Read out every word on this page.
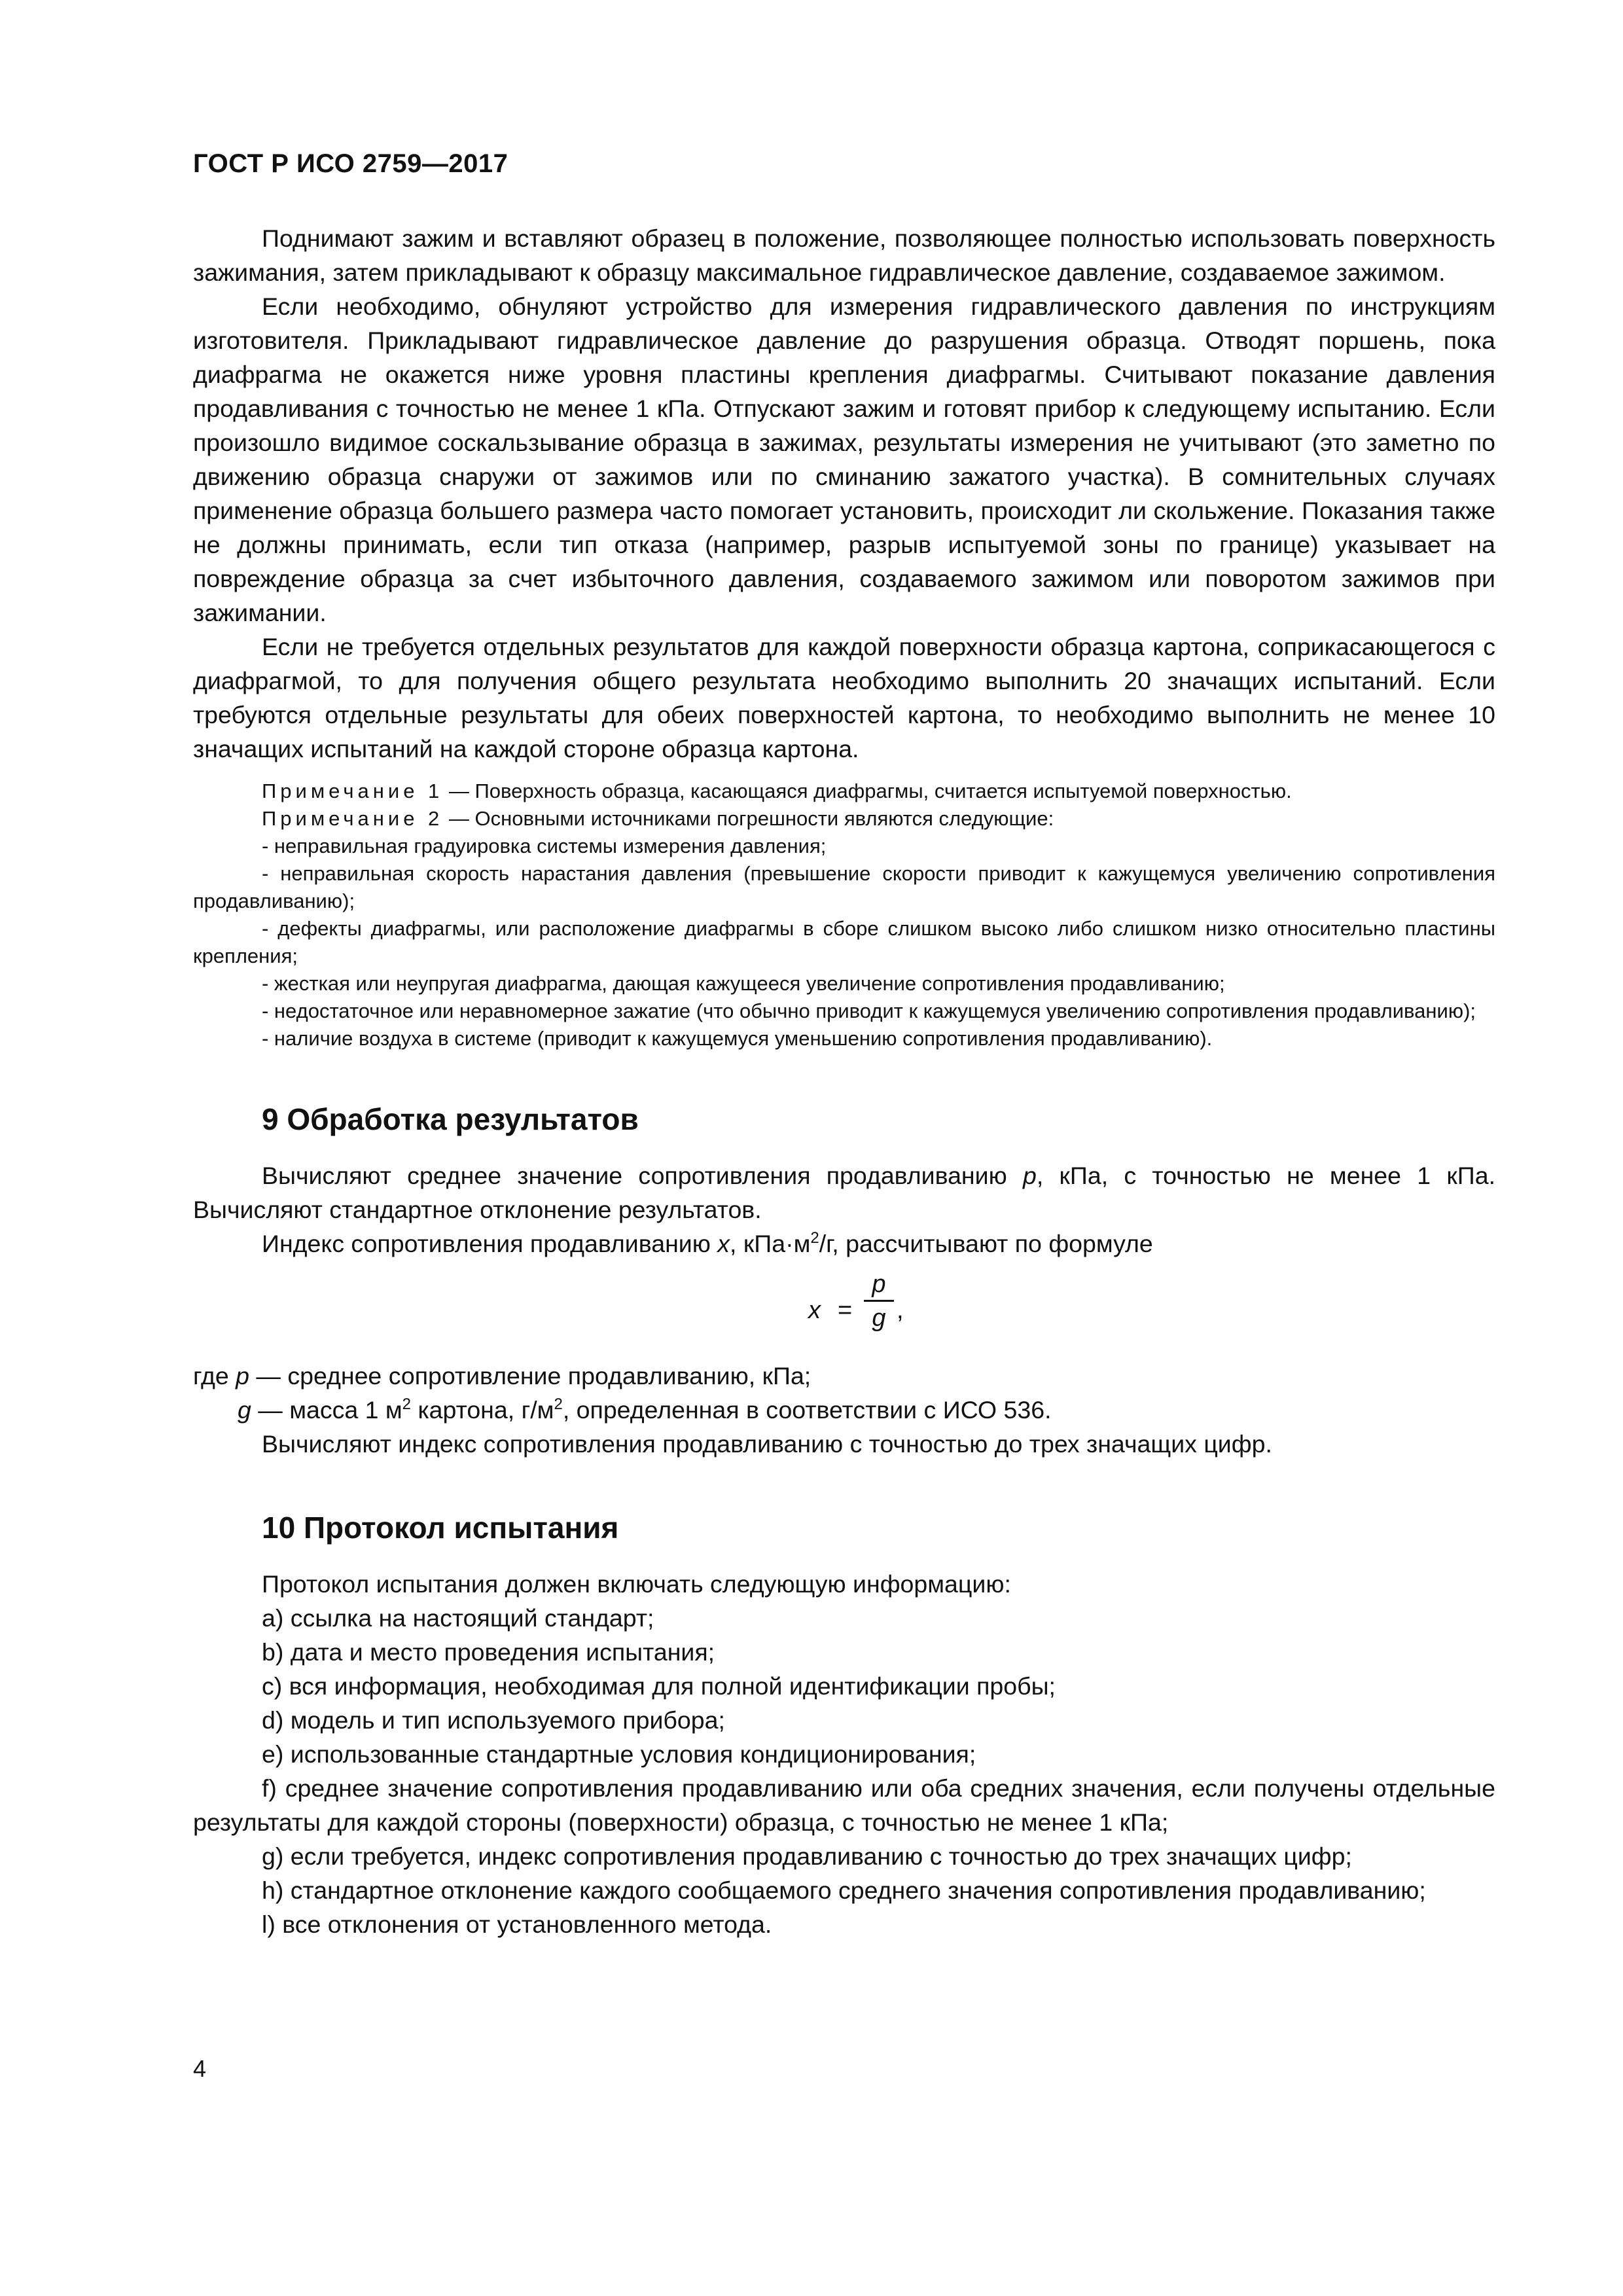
ГОСТ Р ИСО 2759—2017

Поднимают зажим и вставляют образец в положение, позволяющее полностью использовать поверхность зажимания, затем прикладывают к образцу максимальное гидравлическое давление, создаваемое зажимом.

Если необходимо, обнуляют устройство для измерения гидравлического давления по инструкциям изготовителя. Прикладывают гидравлическое давление до разрушения образца. Отводят поршень, пока диафрагма не окажется ниже уровня пластины крепления диафрагмы. Считывают показание давления продавливания с точностью не менее 1 кПа. Отпускают зажим и готовят прибор к следующему испытанию. Если произошло видимое соскальзывание образца в зажимах, результаты измерения не учитывают (это заметно по движению образца снаружи от зажимов или по сминанию зажатого участка). В сомнительных случаях применение образца большего размера часто помогает установить, происходит ли скольжение. Показания также не должны принимать, если тип отказа (например, разрыв испытуемой зоны по границе) указывает на повреждение образца за счет избыточного давления, создаваемого зажимом или поворотом зажимов при зажимании.

Если не требуется отдельных результатов для каждой поверхности образца картона, соприкасающегося с диафрагмой, то для получения общего результата необходимо выполнить 20 значащих испытаний. Если требуются отдельные результаты для обеих поверхностей картона, то необходимо выполнить не менее 10 значащих испытаний на каждой стороне образца картона.

Примечание 1 — Поверхность образца, касающаяся диафрагмы, считается испытуемой поверхностью.

Примечание 2 — Основными источниками погрешности являются следующие:

- неправильная градуировка системы измерения давления;

- неправильная скорость нарастания давления (превышение скорости приводит к кажущемуся увеличению сопротивления продавливанию);

- дефекты диафрагмы, или расположение диафрагмы в сборе слишком высоко либо слишком низко относительно пластины крепления;

- жесткая или неупругая диафрагма, дающая кажущееся увеличение сопротивления продавливанию;

- недостаточное или неравномерное зажатие (что обычно приводит к кажущемуся увеличению сопротивления продавливанию);

- наличие воздуха в системе (приводит к кажущемуся уменьшению сопротивления продавливанию).

9 Обработка результатов

Вычисляют среднее значение сопротивления продавливанию p, кПа, с точностью не менее 1 кПа. Вычисляют стандартное отклонение результатов.

Индекс сопротивления продавливанию x, $кПа\cdot м^2/г$, рассчитывают по формуле

$x = \frac{p}{g}$ ,

где p — среднее сопротивление продавливанию, кПа;

g — масса 1 $м^2$ картона, $г/м^2$, определенная в соответствии с ИСО 536.

Вычисляют индекс сопротивления продавливанию с точностью до трех значащих цифр.

10 Протокол испытания

Протокол испытания должен включать следующую информацию:

a) ссылка на настоящий стандарт;

b) дата и место проведения испытания;

c) вся информация, необходимая для полной идентификации пробы;

d) модель и тип используемого прибора;

e) использованные стандартные условия кондиционирования;

f) среднее значение сопротивления продавливанию или оба средних значения, если получены отдельные результаты для каждой стороны (поверхности) образца, с точностью не менее 1 кПа;

g) если требуется, индекс сопротивления продавливанию с точностью до трех значащих цифр;

h) стандартное отклонение каждого сообщаемого среднего значения сопротивления продавливанию;

l) все отклонения от установленного метода.

4
